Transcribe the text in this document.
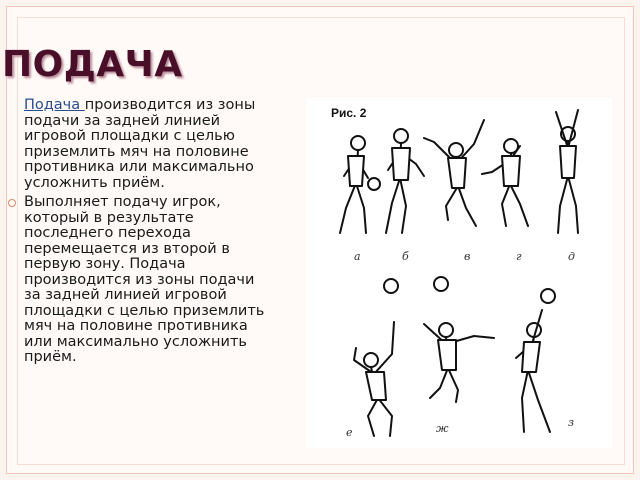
ПОДАЧА

Подача производится из зоны подачи за задней линией игровой площадки с целью приземлить мяч на половине противника или максимально усложнить приём.

Выполняет подачу игрок, который в результате последнего перехода перемещается из второй в первую зону. Подача производится из зоны подачи за задней линией игровой площадки с целью приземлить мяч на половине противника или максимально усложнить приём.

Рис. 2
а	б	в	г	д
е	ж	з
